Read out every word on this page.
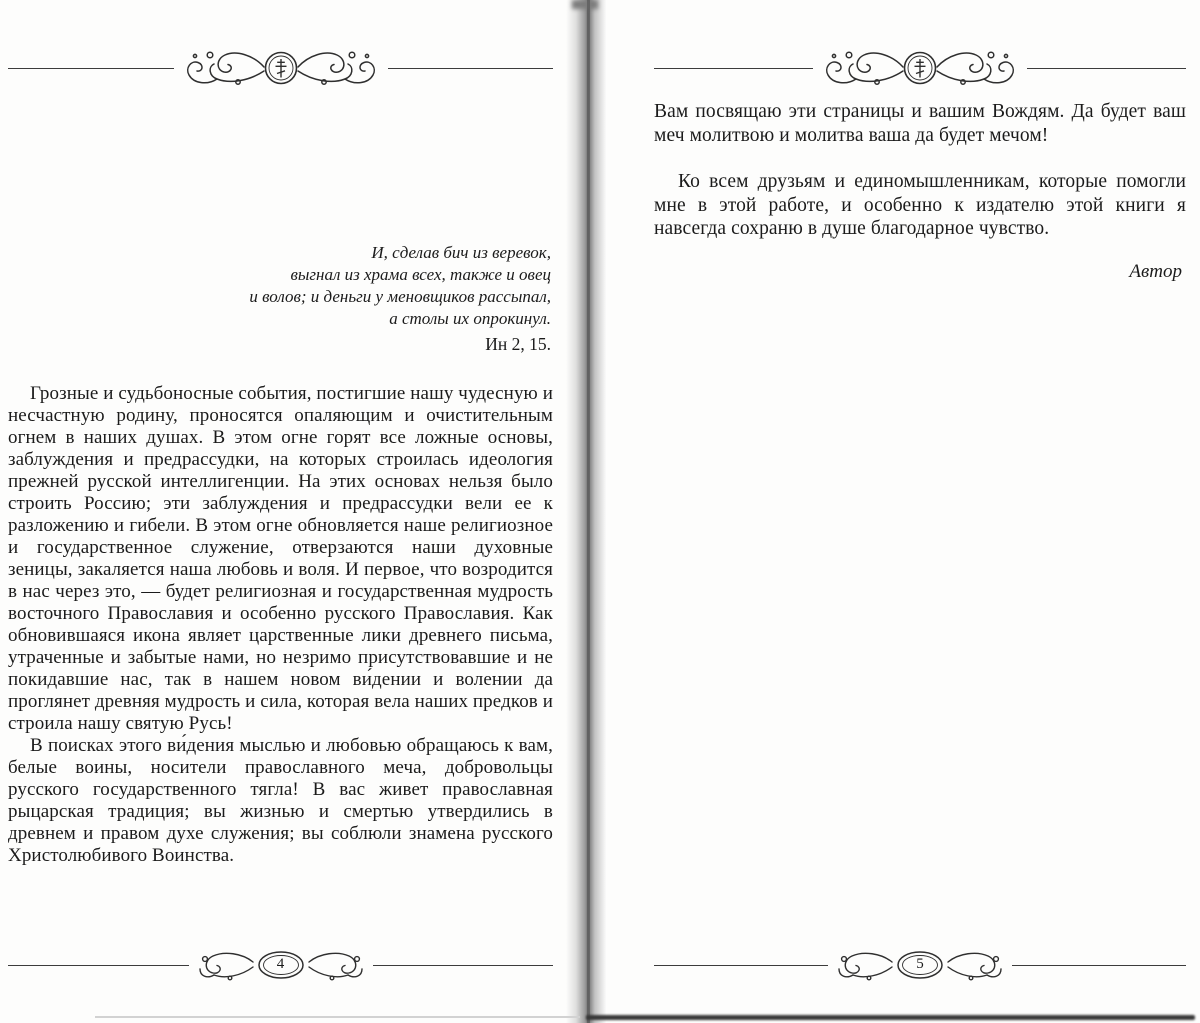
И, сделав бич из веревок,
выгнал из храма всех, также и овец
и волов; и деньги у меновщиков рассыпал,
а столы их опрокинул.
Ин 2, 15.

Грозные и судьбоносные события, постигшие нашу чудесную и несчастную родину, проносятся опаляющим и очистительным огнем в наших душах. В этом огне горят все ложные основы, заблуждения и предрассудки, на которых строилась идеология прежней русской интеллигенции. На этих основах нельзя было строить Россию; эти заблуждения и предрассудки вели ее к разложению и гибели. В этом огне обновляется наше религиозное и государственное служение, отверзаются наши духовные зеницы, закаляется наша любовь и воля. И первое, что возродится в нас через это, — будет религиозная и государственная мудрость восточного Православия и особенно русского Православия. Как обновившаяся икона являет царственные лики древнего письма, утраченные и забытые нами, но незримо присутствовавшие и не покидавшие нас, так в нашем новом ви́дении и волении да проглянет древняя мудрость и сила, которая вела наших предков и строила нашу святую Русь!

В поисках этого ви́дения мыслью и любовью обращаюсь к вам, белые воины, носители православного меча, добровольцы русского государственного тягла! В вас живет православная рыцарская традиция; вы жизнью и смертью утвердились в древнем и правом духе служения; вы соблюли знамена русского Христолюбивого Воинства.

4

Вам посвящаю эти страницы и вашим Вождям. Да будет ваш меч молитвою и молитва ваша да будет мечом!

Ко всем друзьям и единомышленникам, которые помогли мне в этой работе, и особенно к издателю этой книги я навсегда сохраню в душе благодарное чувство.

Автор
5
